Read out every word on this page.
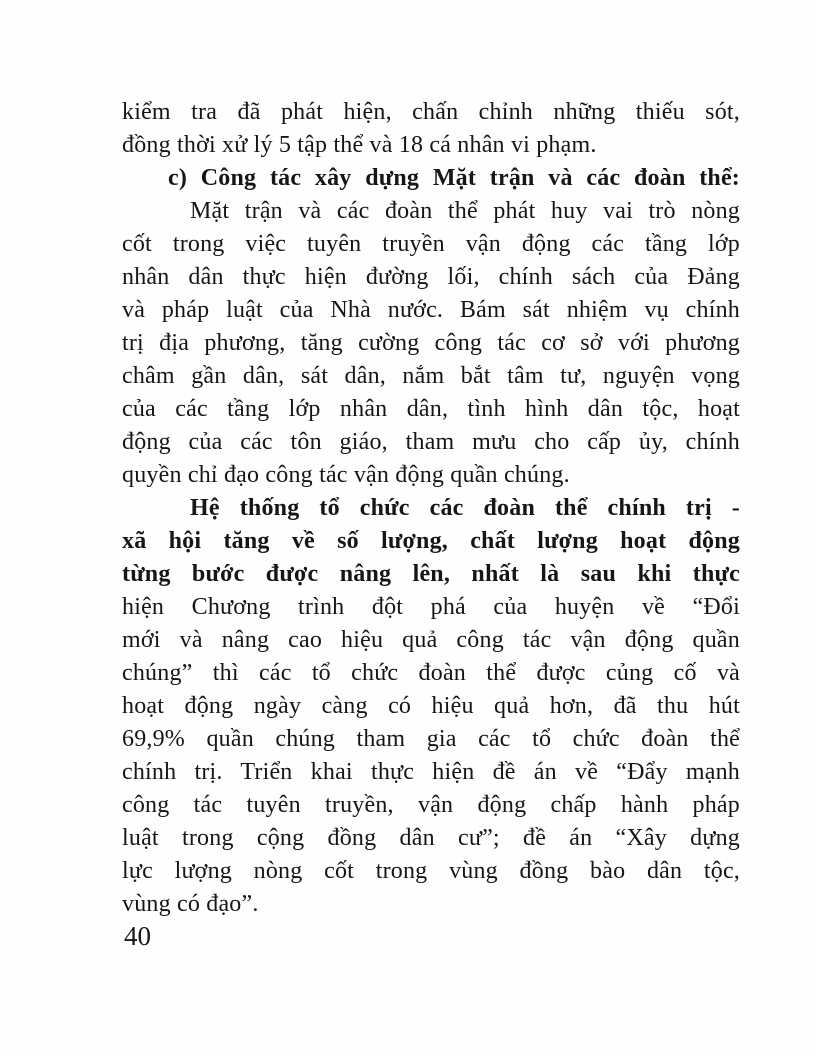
kiểm tra đã phát hiện, chấn chỉnh những thiếu sót,
đồng thời xử lý 5 tập thể và 18 cá nhân vi phạm.
c) Công tác xây dựng Mặt trận và các đoàn thể:
Mặt trận và các đoàn thể phát huy vai trò nòng
cốt trong việc tuyên truyền vận động các tầng lớp
nhân dân thực hiện đường lối, chính sách của Đảng
và pháp luật của Nhà nước. Bám sát nhiệm vụ chính
trị địa phương, tăng cường công tác cơ sở với phương
châm gần dân, sát dân, nắm bắt tâm tư, nguyện vọng
của các tầng lớp nhân dân, tình hình dân tộc, hoạt
động của các tôn giáo, tham mưu cho cấp ủy, chính
quyền chỉ đạo công tác vận động quần chúng.
Hệ thống tổ chức các đoàn thể chính trị -
xã hội tăng về số lượng, chất lượng hoạt động
từng bước được nâng lên, nhất là sau khi thực
hiện Chương trình đột phá của huyện về “Đổi
mới và nâng cao hiệu quả công tác vận động quần
chúng” thì các tổ chức đoàn thể được củng cố và
hoạt động ngày càng có hiệu quả hơn, đã thu hút
69,9% quần chúng tham gia các tổ chức đoàn thể
chính trị. Triển khai thực hiện đề án về “Đẩy mạnh
công tác tuyên truyền, vận động chấp hành pháp
luật trong cộng đồng dân cư”; đề án “Xây dựng
lực lượng nòng cốt trong vùng đồng bào dân tộc,
vùng có đạo”.
40
